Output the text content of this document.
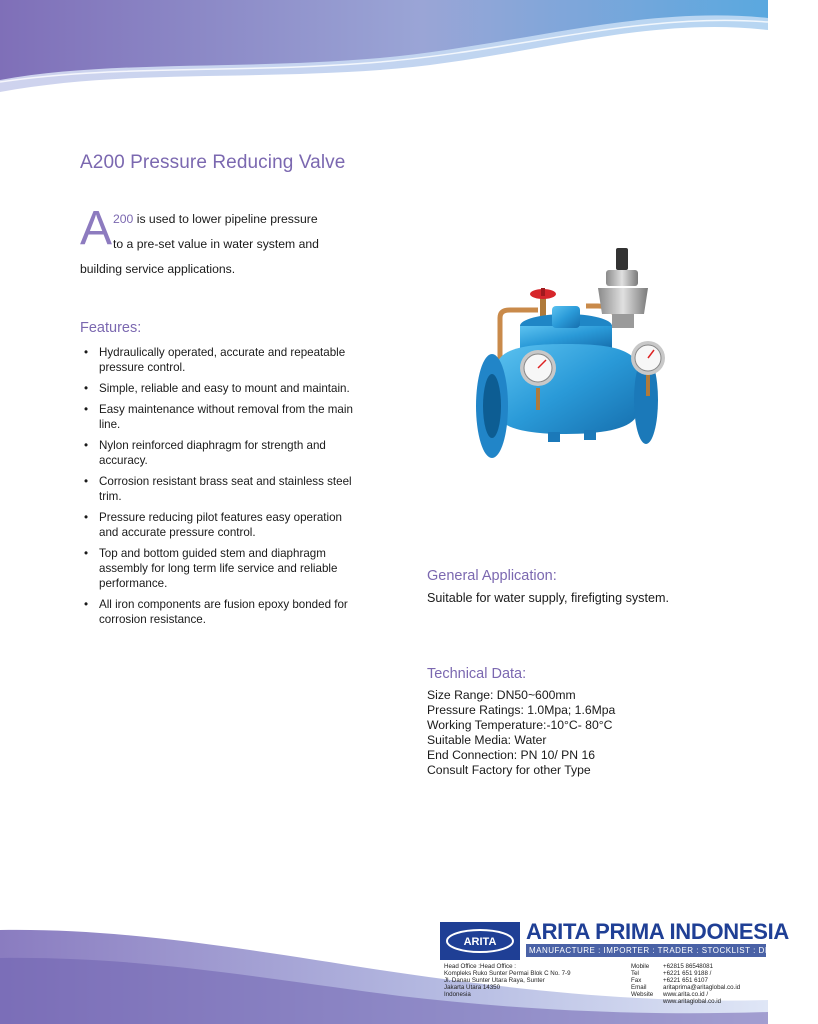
A200 Pressure Reducing Valve
A 200 is used to lower pipeline pressure
to a pre-set value in water system and
building service applications.
Features:
• Hydraulically operated, accurate and repeatable pressure control.
• Simple, reliable and easy to mount and maintain.
• Easy maintenance without removal from the main line.
• Nylon reinforced diaphragm for strength and accuracy.
• Corrosion resistant brass seat and stainless steel trim.
• Pressure reducing pilot features easy operation and accurate pressure control.
• Top and bottom guided stem and diaphragm assembly for long term life service and reliable performance.
• All iron components are fusion epoxy bonded for corrosion resistance.
General Application:
Suitable for water supply, firefigting system.
Technical Data:
Size Range: DN50~600mm
Pressure Ratings: 1.0Mpa; 1.6Mpa
Working Temperature:-10°C- 80°C
Suitable Media: Water
End Connection: PN 10/ PN 16
Consult Factory for other Type
ARITA ARITA PRIMA INDONESIA
MANUFACTURE : IMPORTER : TRADER : STOCKLIST : DISTRIBUTOR
Head Office :Head Office :
Kompleks Ruko Sunter Permai Blok C No. 7-9
Jl. Danau Sunter Utara Raya, Sunter
Jakarta Utara 14350
Indonesia
Mobile +62815 86548081
Tel	+6221 651 9188 /
Fax	+6221 651 6107
Email	aritaprima@aritaglobal.co.id
Website www.arita.co.id /
www.aritaglobal.co.id
